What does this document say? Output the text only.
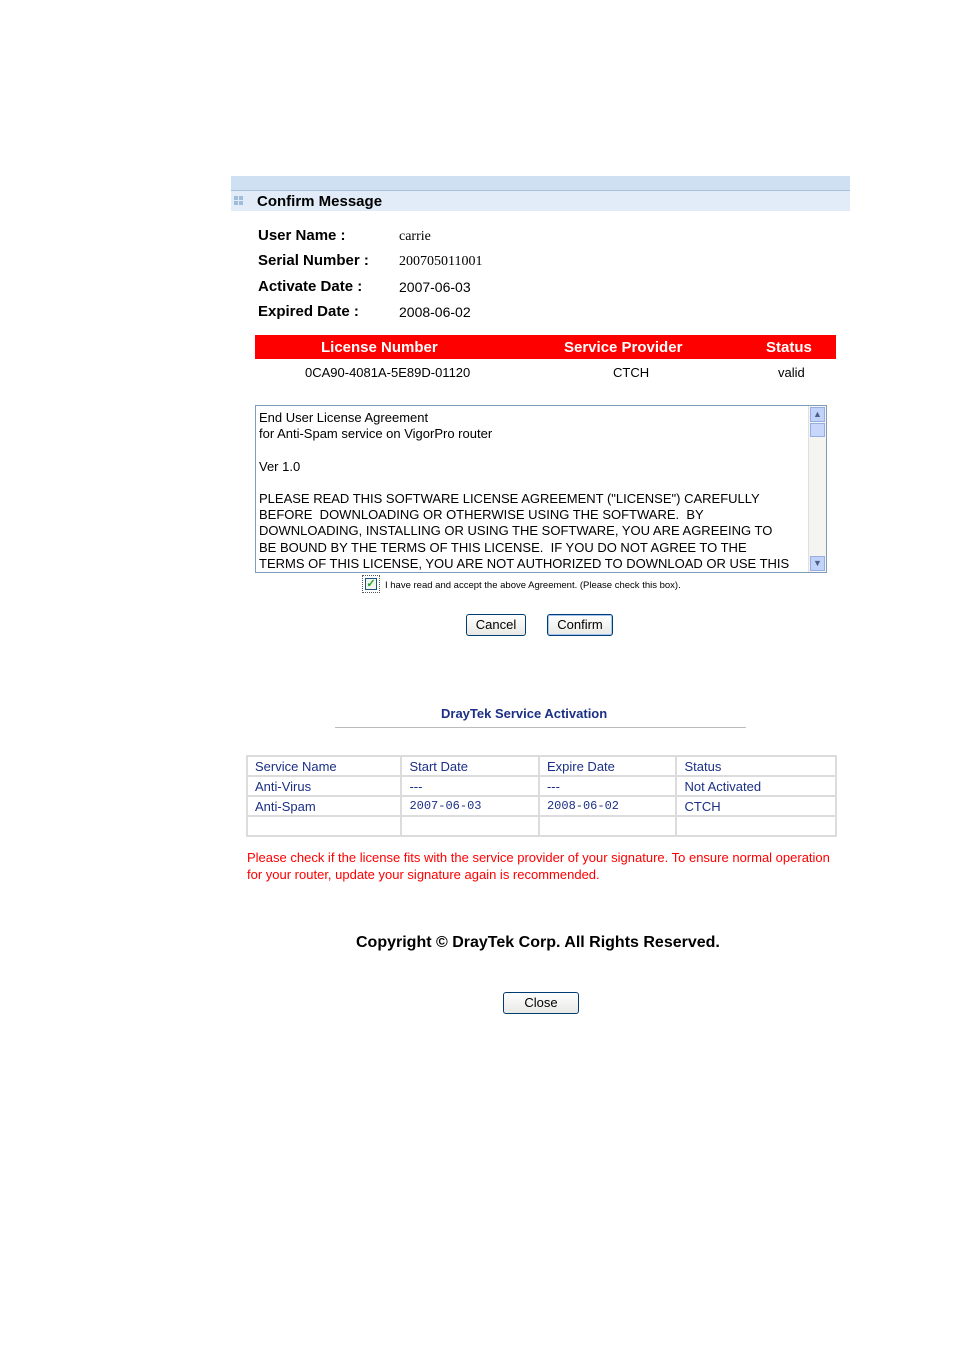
Confirm Message
User Name :	carrie
Serial Number : 200705011001
Activate Date :	2007-06-03
Expired Date :	2008-06-02
License Number	Service Provider	Status
0CA90-4081A-5E89D-01120	CTCH	valid
End User License Agreement
for Anti-Spam service on VigorPro router

Ver 1.0

PLEASE READ THIS SOFTWARE LICENSE AGREEMENT ("LICENSE") CAREFULLY
BEFORE  DOWNLOADING OR OTHERWISE USING THE SOFTWARE.  BY
DOWNLOADING, INSTALLING OR USING THE SOFTWARE, YOU ARE AGREEING TO
BE BOUND BY THE TERMS OF THIS LICENSE.  IF YOU DO NOT AGREE TO THE
TERMS OF THIS LICENSE, YOU ARE NOT AUTHORIZED TO DOWNLOAD OR USE THIS
▲
▼
✓ I have read and accept the above Agreement. (Please check this box).
Cancel	Confirm
DrayTek Service Activation
Service Name	Start Date	Expire Date	Status
Anti-Virus	---	---	Not Activated
Anti-Spam	2007-06-03	2008-06-02	CTCH

Please check if the license fits with the service provider of your signature. To ensure normal operation for your router, update your signature again is recommended.
Copyright © DrayTek Corp. All Rights Reserved.
Close
